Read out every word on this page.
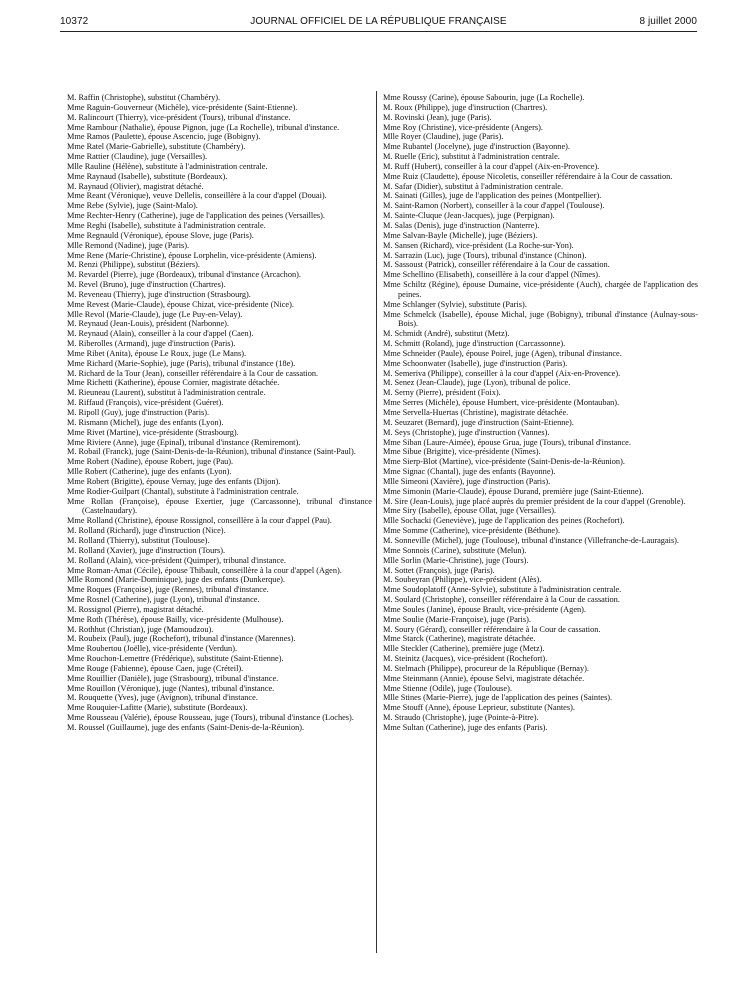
10372	JOURNAL OFFICIEL DE LA RÉPUBLIQUE FRANÇAISE	8 juillet 2000

M. Raffin (Christophe), substitut (Chambéry).

Mme Raguin-Gouverneur (Michèle), vice-présidente (Saint-Etienne).

M. Ralincourt (Thierry), vice-président (Tours), tribunal d'instance.

Mme Rambour (Nathalie), épouse Pignon, juge (La Rochelle), tribunal d'instance.

Mme Ramos (Paulette), épouse Ascencio, juge (Bobigny).

Mme Ratel (Marie-Gabrielle), substitute (Chambéry).

Mme Rattier (Claudine), juge (Versailles).

Mlle Rauline (Hélène), substitute à l'administration centrale.

Mme Raynaud (Isabelle), substitute (Bordeaux).

M. Raynaud (Olivier), magistrat détaché.

Mme Reant (Véronique), veuve Dellelis, conseillère à la cour d'appel (Douai).

Mme Rebe (Sylvie), juge (Saint-Malo).

Mme Rechter-Henry (Catherine), juge de l'application des peines (Versailles).

Mme Reghi (Isabelle), substitute à l'administration centrale.

Mme Regnauld (Véronique), épouse Slove, juge (Paris).

Mlle Remond (Nadine), juge (Paris).

Mme Rene (Marie-Christine), épouse Lorphelin, vice-présidente (Amiens).

M. Renzi (Philippe), substitut (Béziers).

M. Revardel (Pierre), juge (Bordeaux), tribunal d'instance (Arcachon).

M. Revel (Bruno), juge d'instruction (Chartres).

M. Reveneau (Thierry), juge d'instruction (Strasbourg).

Mme Revest (Marie-Claude), épouse Chizat, vice-présidente (Nice).

Mlle Revol (Marie-Claude), juge (Le Puy-en-Velay).

M. Reynaud (Jean-Louis), président (Narbonne).

M. Reynaud (Alain), conseiller à la cour d'appel (Caen).

M. Riberolles (Armand), juge d'instruction (Paris).

Mme Ribet (Anita), épouse Le Roux, juge (Le Mans).

Mme Richard (Marie-Sophie), juge (Paris), tribunal d'instance (18e).

M. Richard de la Tour (Jean), conseiller référendaire à la Cour de cassation.

Mme Richetti (Katherine), épouse Cornier, magistrate détachée.

M. Rieuneau (Laurent), substitut à l'administration centrale.

M. Riffaud (François), vice-président (Guéret).

M. Ripoll (Guy), juge d'instruction (Paris).

M. Rismann (Michel), juge des enfants (Lyon).

Mme Rivet (Martine), vice-présidente (Strasbourg).

Mme Riviere (Anne), juge (Epinal), tribunal d'instance (Remiremont).

M. Robail (Franck), juge (Saint-Denis-de-la-Réunion), tribunal d'instance (Saint-Paul).

Mme Robert (Nadine), épouse Robert, juge (Pau).

Mlle Robert (Catherine), juge des enfants (Lyon).

Mme Robert (Brigitte), épouse Vernay, juge des enfants (Dijon).

Mme Rodier-Guilpart (Chantal), substitute à l'administration centrale.

Mme Rollan (Françoise), épouse Exertier, juge (Carcassonne), tribunal d'instance (Castelnaudary).

Mme Rolland (Christine), épouse Rossignol, conseillère à la cour d'appel (Pau).

M. Rolland (Richard), juge d'instruction (Nice).

M. Rolland (Thierry), substitut (Toulouse).

M. Rolland (Xavier), juge d'instruction (Tours).

M. Rolland (Alain), vice-président (Quimper), tribunal d'instance.

Mme Roman-Amat (Cécile), épouse Thibault, conseillère à la cour d'appel (Agen).

Mlle Romond (Marie-Dominique), juge des enfants (Dunkerque).

Mme Roques (Françoise), juge (Rennes), tribunal d'instance.

Mme Rosnel (Catherine), juge (Lyon), tribunal d'instance.

M. Rossignol (Pierre), magistrat détaché.

Mme Roth (Thérèse), épouse Bailly, vice-présidente (Mulhouse).

M. Rothhut (Christian), juge (Mamoudzou).

M. Roubeix (Paul), juge (Rochefort), tribunal d'instance (Marennes).

Mme Roubertou (Joëlle), vice-présidente (Verdun).

Mme Rouchon-Lemettre (Frédérique), substitute (Saint-Etienne).

Mme Rouge (Fabienne), épouse Caen, juge (Créteil).

Mme Rouillier (Danièle), juge (Strasbourg), tribunal d'instance.

Mme Rouillon (Véronique), juge (Nantes), tribunal d'instance.

M. Rouquette (Yves), juge (Avignon), tribunal d'instance.

Mme Rouquier-Lafitte (Marie), substitute (Bordeaux).

Mme Rousseau (Valérie), épouse Rousseau, juge (Tours), tribunal d'instance (Loches).

M. Roussel (Guillaume), juge des enfants (Saint-Denis-de-la-Réunion).

Mme Roussy (Carine), épouse Sabourin, juge (La Rochelle).

M. Roux (Philippe), juge d'instruction (Chartres).

M. Rovinski (Jean), juge (Paris).

Mme Roy (Christine), vice-présidente (Angers).

Mlle Royer (Claudine), juge (Paris).

Mme Rubantel (Jocelyne), juge d'instruction (Bayonne).

M. Ruelle (Eric), substitut à l'administration centrale.

M. Ruff (Hubert), conseiller à la cour d'appel (Aix-en-Provence).

Mme Ruiz (Claudette), épouse Nicoletis, conseiller référendaire à la Cour de cassation.

M. Safar (Didier), substitut à l'administration centrale.

M. Sainati (Gilles), juge de l'application des peines (Montpellier).

M. Saint-Ramon (Norbert), conseiller à la cour d'appel (Toulouse).

M. Sainte-Cluque (Jean-Jacques), juge (Perpignan).

M. Salas (Denis), juge d'instruction (Nanterre).

Mme Salvan-Bayle (Michelle), juge (Béziers).

M. Sansen (Richard), vice-président (La Roche-sur-Yon).

M. Sarrazin (Luc), juge (Tours), tribunal d'instance (Chinon).

M. Sassoust (Patrick), conseiller référendaire à la Cour de cassation.

Mme Schellino (Elisabeth), conseillère à la cour d'appel (Nîmes).

Mme Schiltz (Régine), épouse Dumaine, vice-présidente (Auch), chargée de l'application des peines.

Mme Schlanger (Sylvie), substitute (Paris).

Mme Schmelck (Isabelle), épouse Michal, juge (Bobigny), tribunal d'instance (Aulnay-sous-Bois).

M. Schmidt (André), substitut (Metz).

M. Schmitt (Roland), juge d'instruction (Carcassonne).

Mme Schneider (Paule), épouse Poirel, juge (Agen), tribunal d'instance.

Mme Schoonwater (Isabelle), juge d'instruction (Paris).

M. Semeriva (Philippe), conseiller à la cour d'appel (Aix-en-Provence).

M. Senez (Jean-Claude), juge (Lyon), tribunal de police.

M. Serny (Pierre), président (Foix).

Mme Serres (Michèle), épouse Humbert, vice-présidente (Montauban).

Mme Servella-Huertas (Christine), magistrate détachée.

M. Seuzaret (Bernard), juge d'instruction (Saint-Etienne).

M. Seys (Christophe), juge d'instruction (Vannes).

Mme Siban (Laure-Aimée), épouse Grua, juge (Tours), tribunal d'instance.

Mme Sibue (Brigitte), vice-présidente (Nîmes).

Mme Sierp-Blot (Martine), vice-présidente (Saint-Denis-de-la-Réunion).

Mme Signac (Chantal), juge des enfants (Bayonne).

Mlle Simeoni (Xavière), juge d'instruction (Paris).

Mme Simonin (Marie-Claude), épouse Durand, première juge (Saint-Etienne).

M. Sire (Jean-Louis), juge placé auprès du premier président de la cour d'appel (Grenoble).

Mme Siry (Isabelle), épouse Ollat, juge (Versailles).

Mlle Sochacki (Geneviève), juge de l'application des peines (Rochefort).

Mme Somme (Catherine), vice-présidente (Béthune).

M. Sonneville (Michel), juge (Toulouse), tribunal d'instance (Villefranche-de-Lauragais).

Mme Sonnois (Carine), substitute (Melun).

Mlle Sorlin (Marie-Christine), juge (Tours).

M. Sottet (François), juge (Paris).

M. Soubeyran (Philippe), vice-président (Alès).

Mme Soudoplatoff (Anne-Sylvie), substitute à l'administration centrale.

M. Soulard (Christophe), conseiller référendaire à la Cour de cassation.

Mme Soules (Janine), épouse Brault, vice-présidente (Agen).

Mme Soulie (Marie-Françoise), juge (Paris).

M. Soury (Gérard), conseiller référendaire à la Cour de cassation.

Mme Starck (Catherine), magistrate détachée.

Mlle Steckler (Catherine), première juge (Metz).

M. Steinitz (Jacques), vice-président (Rochefort).

M. Stelmach (Philippe), procureur de la République (Bernay).

Mme Steinmann (Annie), épouse Selvi, magistrate détachée.

Mme Stienne (Odile), juge (Toulouse).

Mlle Stines (Marie-Pierre), juge de l'application des peines (Saintes).

Mme Stouff (Anne), épouse Leprieur, substitute (Nantes).

M. Straudo (Christophe), juge (Pointe-à-Pitre).

Mme Sultan (Catherine), juge des enfants (Paris).
